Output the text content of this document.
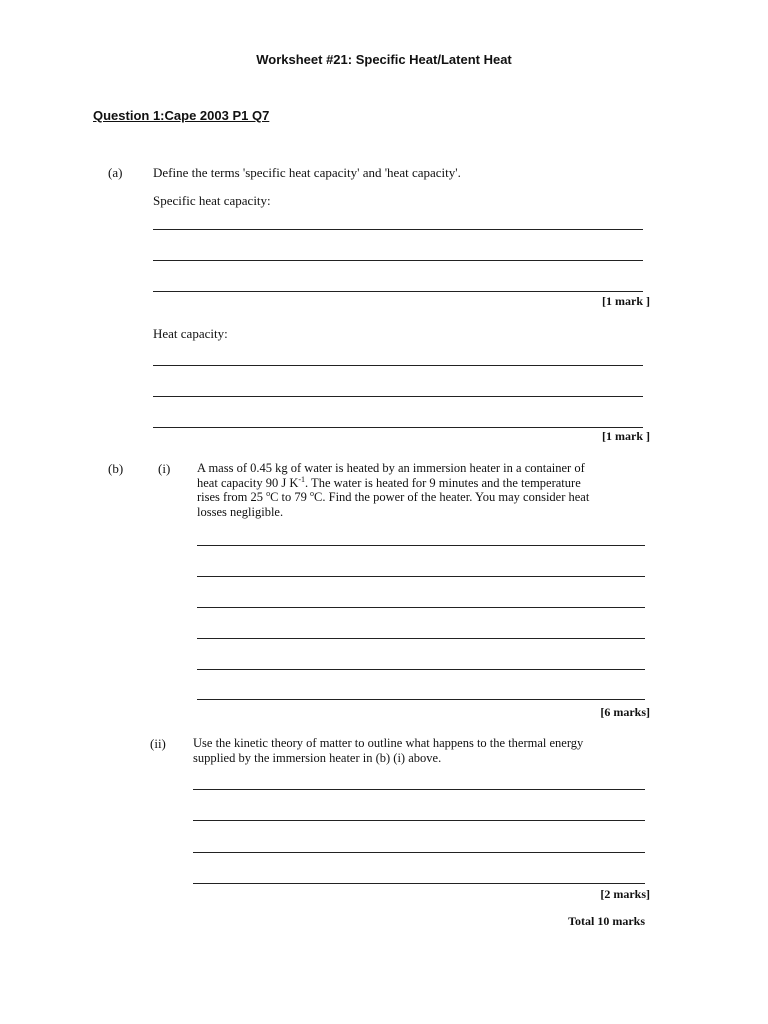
Worksheet #21: Specific Heat/Latent Heat
Question 1:Cape 2003 P1 Q7
(a) Define the terms 'specific heat capacity' and 'heat capacity'.
Specific heat capacity:
[1 mark ]
Heat capacity:
[1 mark ]
(b)	(i) A mass of 0.45 kg of water is heated by an immersion heater in a container of
heat capacity 90 J $K^{-1}$. The water is heated for 9 minutes and the temperature
rises from 25 $^o$C to 79 $^o$C. Find the power of the heater. You may consider heat
losses negligible.
[6 marks]
(ii) Use the kinetic theory of matter to outline what happens to the thermal energy
supplied by the immersion heater in (b) (i) above.
[2 marks]
Total 10 marks
